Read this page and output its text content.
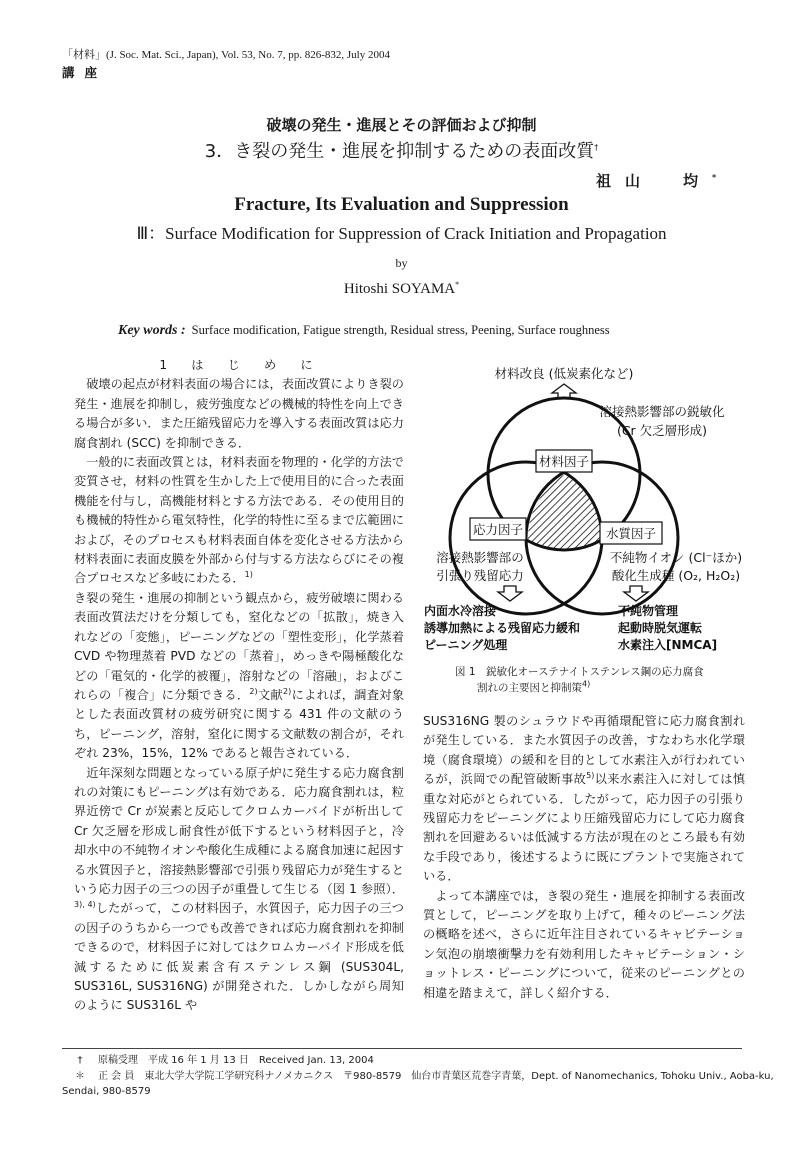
「材料」(J. Soc. Mat. Sci., Japan), Vol. 53, No. 7, pp. 826-832, July 2004
講座
破壊の発生・進展とその評価および抑制
3．き裂の発生・進展を抑制するための表面改質†
祖山　均*
Fracture, Its Evaluation and Suppression
Ⅲ：Surface Modification for Suppression of Crack Initiation and Propagation
by
Hitoshi SOYAMA*
Key words : Surface modification, Fatigue strength, Residual stress, Peening, Surface roughness
1　は　じ　め　に

破壊の起点が材料表面の場合には，表面改質によりき裂の発生・進展を抑制し，疲労強度などの機械的特性を向上できる場合が多い．また圧縮残留応力を導入する表面改質は応力腐食割れ (SCC) を抑制できる．

一般的に表面改質とは，材料表面を物理的・化学的方法で変質させ，材料の性質を生かした上で使用目的に合った表面機能を付与し，高機能材料とする方法である．その使用目的も機械的特性から電気特性，化学的特性に至るまで広範囲におよび，そのプロセスも材料表面自体を変化させる方法から材料表面に表面皮膜を外部から付与する方法ならびにその複合プロセスなど多岐にわたる．$^{1)}$

き裂の発生・進展の抑制という観点から，疲労破壊に関わる表面改質法だけを分類しても，窒化などの「拡散」，焼き入れなどの「変態」，ピーニングなどの「塑性変形」，化学蒸着 CVD や物理蒸着 PVD などの「蒸着」，めっきや陽極酸化などの「電気的・化学的被覆」，溶射などの「溶融」，およびこれらの「複合」に分類できる．$^{2)}$文献$^{2)}$によれば，調査対象とした表面改質材の疲労研究に関する 431 件の文献のうち，ピーニング，溶射，窒化に関する文献数の割合が，それぞれ 23%，15%，12% であると報告されている．

近年深刻な問題となっている原子炉に発生する応力腐食割れの対策にもピーニングは有効である．応力腐食割れは，粒界近傍で Cr が炭素と反応してクロムカーバイドが析出して Cr 欠乏層を形成し耐食性が低下するという材料因子と，冷却水中の不純物イオンや酸化生成種による腐食加速に起因する水質因子と，溶接熱影響部で引張り残留応力が発生するという応力因子の三つの因子が重畳して生じる（図 1 参照）．$^{3), 4)}$したがって，この材料因子，水質因子，応力因子の三つの因子のうちから一つでも改善できれば応力腐食割れを抑制できるので，材料因子に対してはクロムカーバイド形成を低減するために低炭素含有ステンレス鋼 (SUS304L, SUS316L, SUS316NG) が開発された．しかしながら周知のように SUS316L や

材料改良 (低炭素化など)
溶接熱影響部の鋭敏化
(Cr 欠乏層形成)
材料因子
応力因子	水質因子
溶接熱影響部の
引張り残留応力
不純物イオン (Cl⁻ほか)
酸化生成種 (O₂, H₂O₂)
内面水冷溶接
誘導加熱による残留応力緩和
ピーニング処理
不純物管理
起動時脱気運転
水素注入[NMCA]
図 1　鋭敏化オーステナイトステンレス鋼の応力腐食
割れの主要因と抑制策$^{4)}$

SUS316NG 製のシュラウドや再循環配管に応力腐食割れが発生している．また水質因子の改善，すなわち水化学環境（腐食環境）の緩和を目的として水素注入が行われているが，浜岡での配管破断事故$^{5)}$以来水素注入に対しては慎重な対応がとられている．したがって，応力因子の引張り残留応力をピーニングにより圧縮残留応力にして応力腐食割れを回避あるいは低減する方法が現在のところ最も有効な手段であり，後述するように既にプラントで実施されている．

よって本講座では，き裂の発生・進展を抑制する表面改質として，ピーニングを取り上げて，種々のピーニング法の概略を述べ，さらに近年注目されているキャビテーション気泡の崩壊衝撃力を有効利用したキャビテーション・ショットレス・ピーニングについて，従来のピーニングとの相違を踏まえて，詳しく紹介する．

†	原稿受理　平成 16 年 1 月 13 日　Received Jan. 13, 2004
＊	正 会 員　東北大学大学院工学研究科ナノメカニクス　〒980-8579　仙台市青葉区荒巻字青葉，Dept. of Nanomechanics, Tohoku Univ., Aoba-ku,
Sendai, 980-8579
